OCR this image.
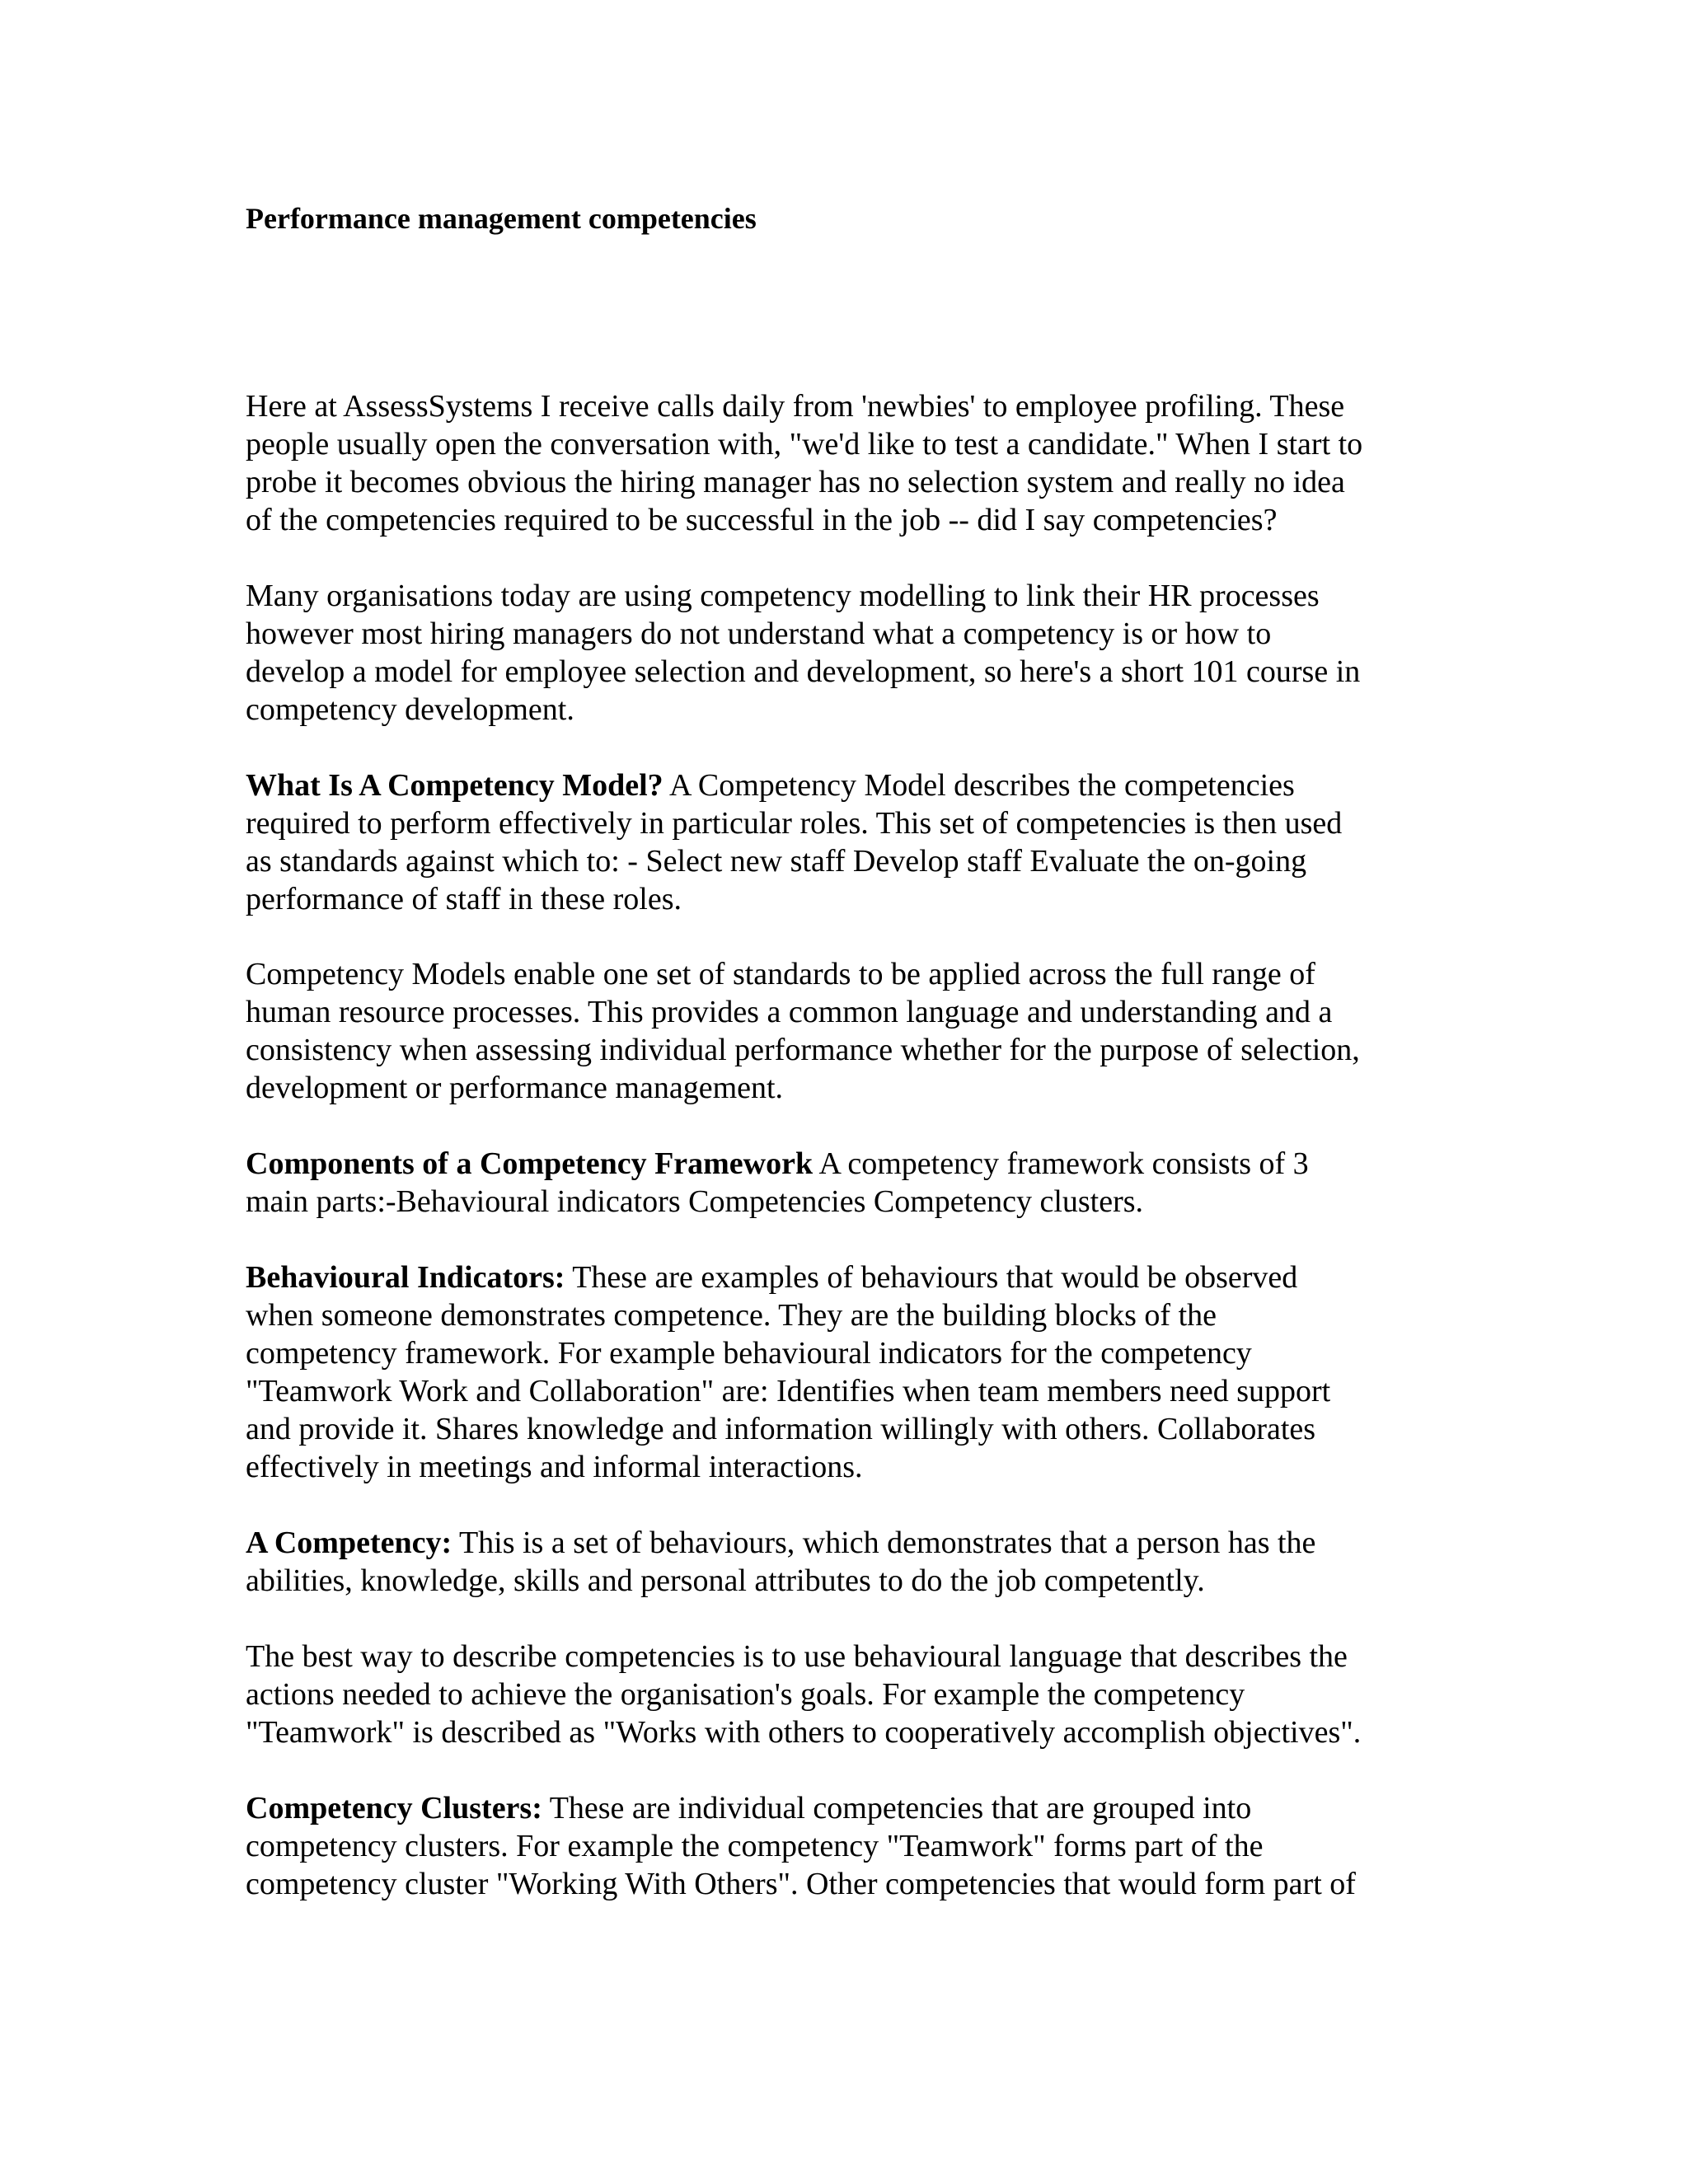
Performance management competencies

Here at AssessSystems I receive calls daily from 'newbies' to employee profiling. These
people usually open the conversation with, "we'd like to test a candidate." When I start to
probe it becomes obvious the hiring manager has no selection system and really no idea
of the competencies required to be successful in the job -- did I say competencies?

Many organisations today are using competency modelling to link their HR processes
however most hiring managers do not understand what a competency is or how to
develop a model for employee selection and development, so here's a short 101 course in
competency development.

What Is A Competency Model? A Competency Model describes the competencies
required to perform effectively in particular roles. This set of competencies is then used
as standards against which to: - Select new staff Develop staff Evaluate the on-going
performance of staff in these roles.

Competency Models enable one set of standards to be applied across the full range of
human resource processes. This provides a common language and understanding and a
consistency when assessing individual performance whether for the purpose of selection,
development or performance management.

Components of a Competency Framework A competency framework consists of 3
main parts:-Behavioural indicators Competencies Competency clusters.

Behavioural Indicators: These are examples of behaviours that would be observed
when someone demonstrates competence. They are the building blocks of the
competency framework. For example behavioural indicators for the competency
"Teamwork Work and Collaboration" are: Identifies when team members need support
and provide it. Shares knowledge and information willingly with others. Collaborates
effectively in meetings and informal interactions.

A Competency: This is a set of behaviours, which demonstrates that a person has the
abilities, knowledge, skills and personal attributes to do the job competently.

The best way to describe competencies is to use behavioural language that describes the
actions needed to achieve the organisation's goals. For example the competency
"Teamwork" is described as "Works with others to cooperatively accomplish objectives".

Competency Clusters: These are individual competencies that are grouped into
competency clusters. For example the competency "Teamwork" forms part of the
competency cluster "Working With Others". Other competencies that would form part of
